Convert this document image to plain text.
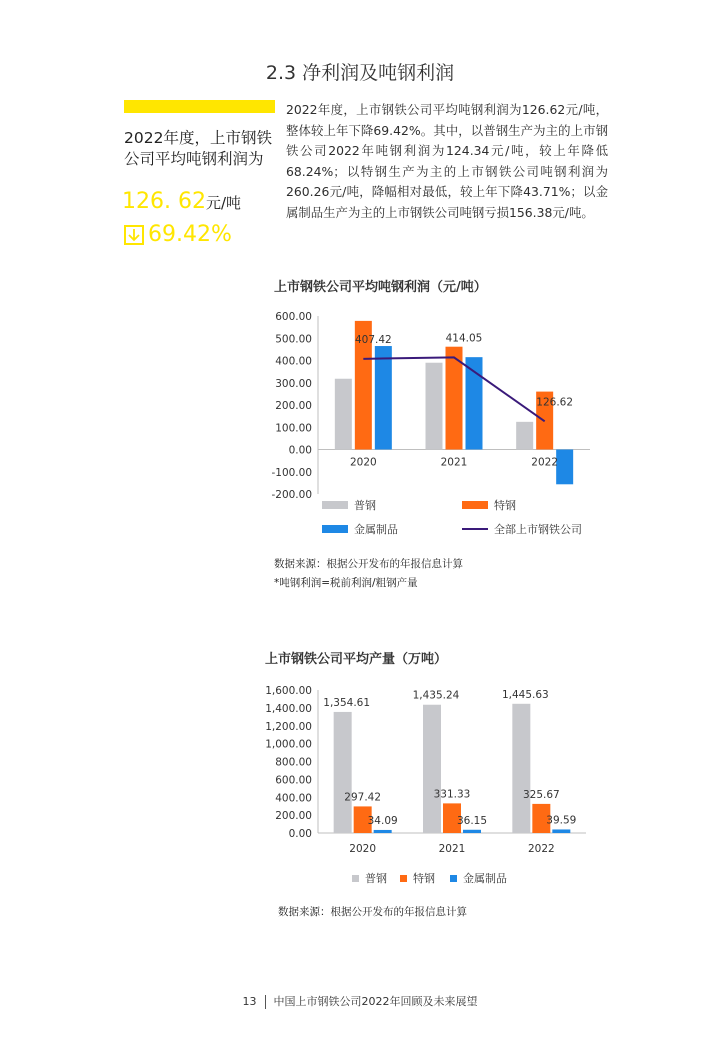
2.3 净利润及吨钢利润
2022年度，上市钢铁公司平均吨钢利润为
126. 62元/吨
69.42%
2022年度，上市钢铁公司平均吨钢利润为126.62元/吨，整体较上年下降69.42%。其中，以普钢生产为主的上市钢铁公司2022年吨钢利润为124.34元/吨，较上年降低68.24%；以特钢生产为主的上市钢铁公司吨钢利润为260.26元/吨，降幅相对最低，较上年下降43.71%；以金属制品生产为主的上市钢铁公司吨钢亏损156.38元/吨。
上市钢铁公司平均吨钢利润（元/吨）
600.00
500.00
400.00
300.00
200.00
100.00
0.00
-100.00
-200.00
2020	2021	2022
407.42	414.05
126.62
普钢	特钢
金属制品	全部上市钢铁公司
数据来源：根据公开发布的年报信息计算
*吨钢利润=税前利润/粗钢产量
上市钢铁公司平均产量（万吨）
1,600.00
1,400.00
1,200.00
1,000.00
800.00
600.00
400.00
200.00
0.00
1,354.61
297.42
34.09
2020
1,435.24
331.33
36.15
2021
1,445.63
325.67
39.59
2022
普钢 特钢	金属制品
数据来源：根据公开发布的年报信息计算
13 中国上市钢铁公司2022年回顾及未来展望
